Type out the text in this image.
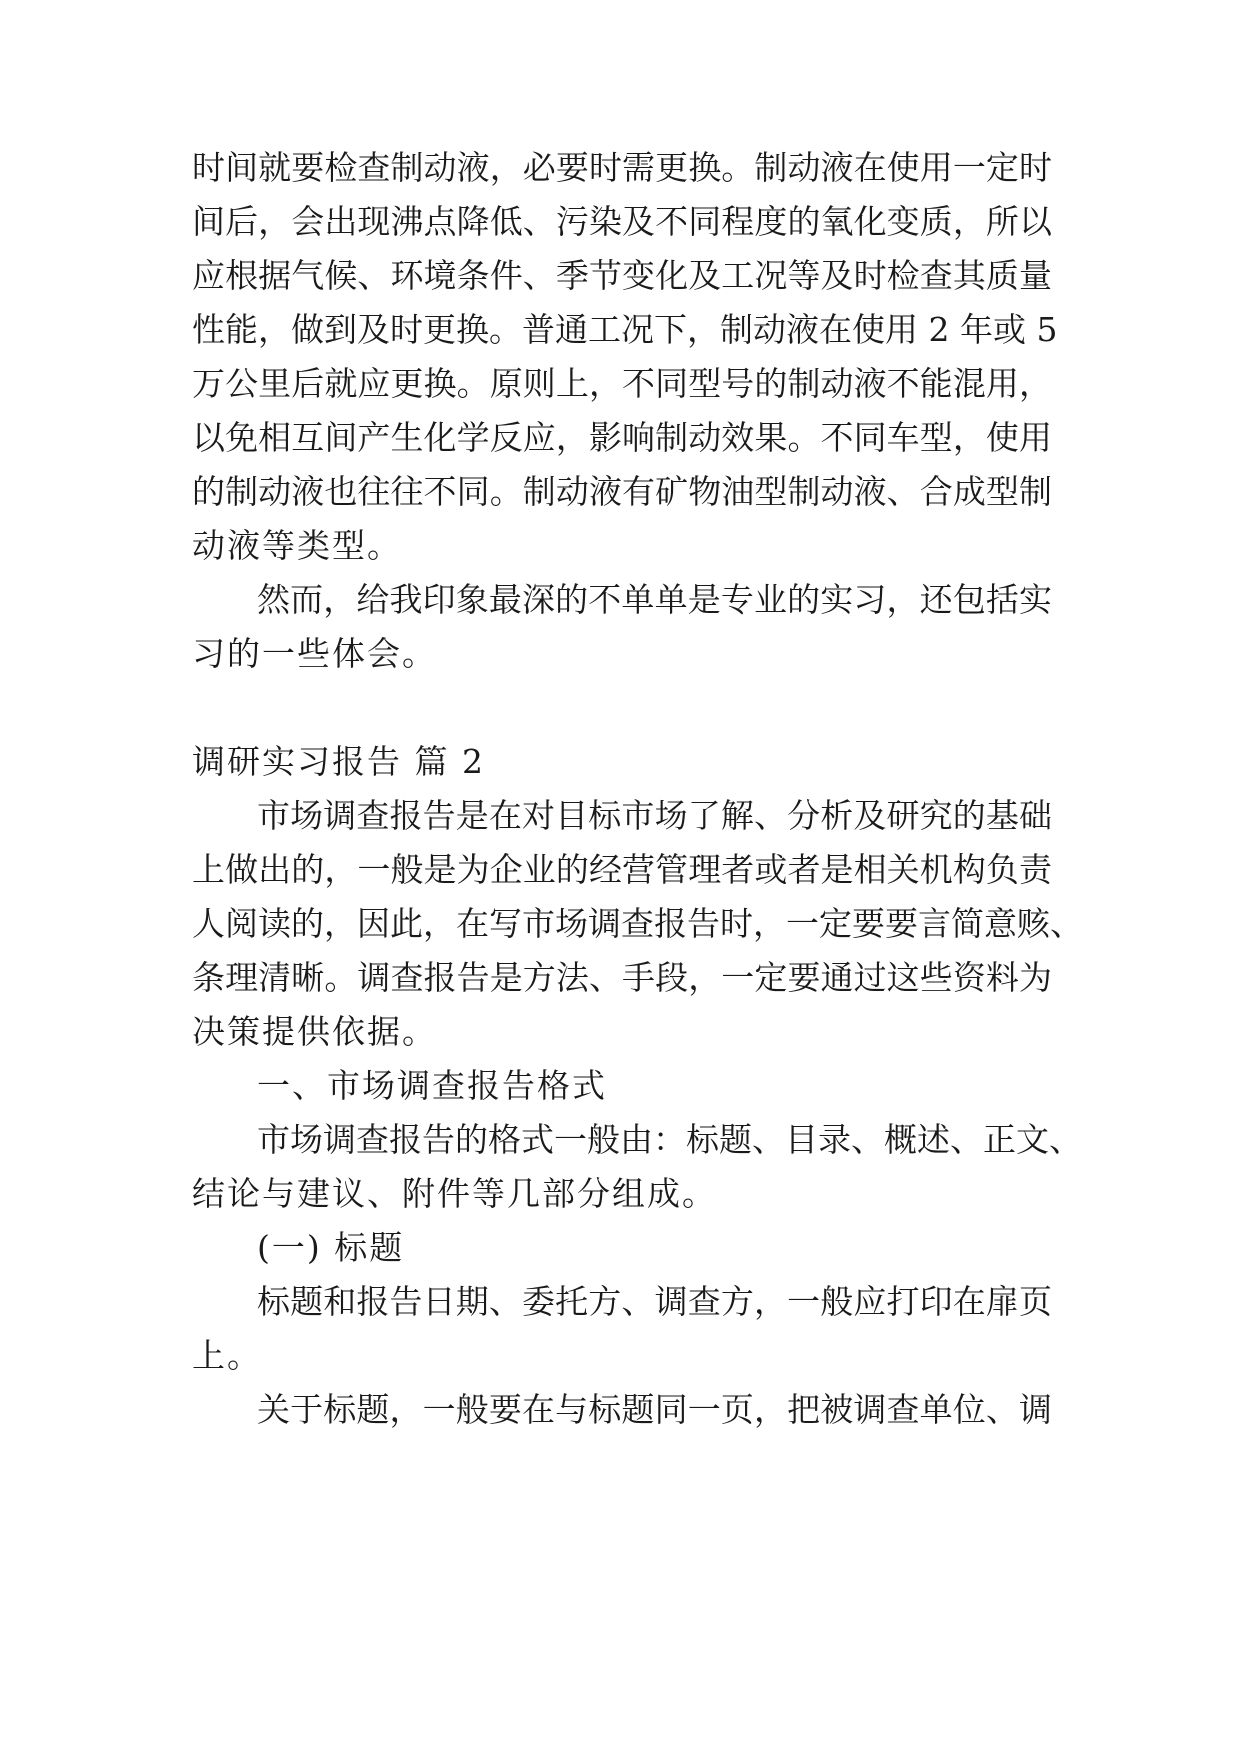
时间就要检查制动液，必要时需更换。制动液在使用一定时
间后，会出现沸点降低、污染及不同程度的氧化变质，所以
应根据气候、环境条件、季节变化及工况等及时检查其质量
性能，做到及时更换。普通工况下，制动液在使用 2 年或 5
万公里后就应更换。原则上，不同型号的制动液不能混用，
以免相互间产生化学反应，影响制动效果。不同车型，使用
的制动液也往往不同。制动液有矿物油型制动液、合成型制
动液等类型。
然而，给我印象最深的不单单是专业的实习，还包括实
习的一些体会。
调研实习报告 篇 2
市场调查报告是在对目标市场了解、分析及研究的基础
上做出的，一般是为企业的经营管理者或者是相关机构负责
人阅读的，因此，在写市场调查报告时，一定要要言简意赅、
条理清晰。调查报告是方法、手段，一定要通过这些资料为
决策提供依据。
一、市场调查报告格式
市场调查报告的格式一般由：标题、目录、概述、正文、
结论与建议、附件等几部分组成。
(一) 标题
标题和报告日期、委托方、调查方，一般应打印在扉页
上。
关于标题，一般要在与标题同一页，把被调查单位、调
